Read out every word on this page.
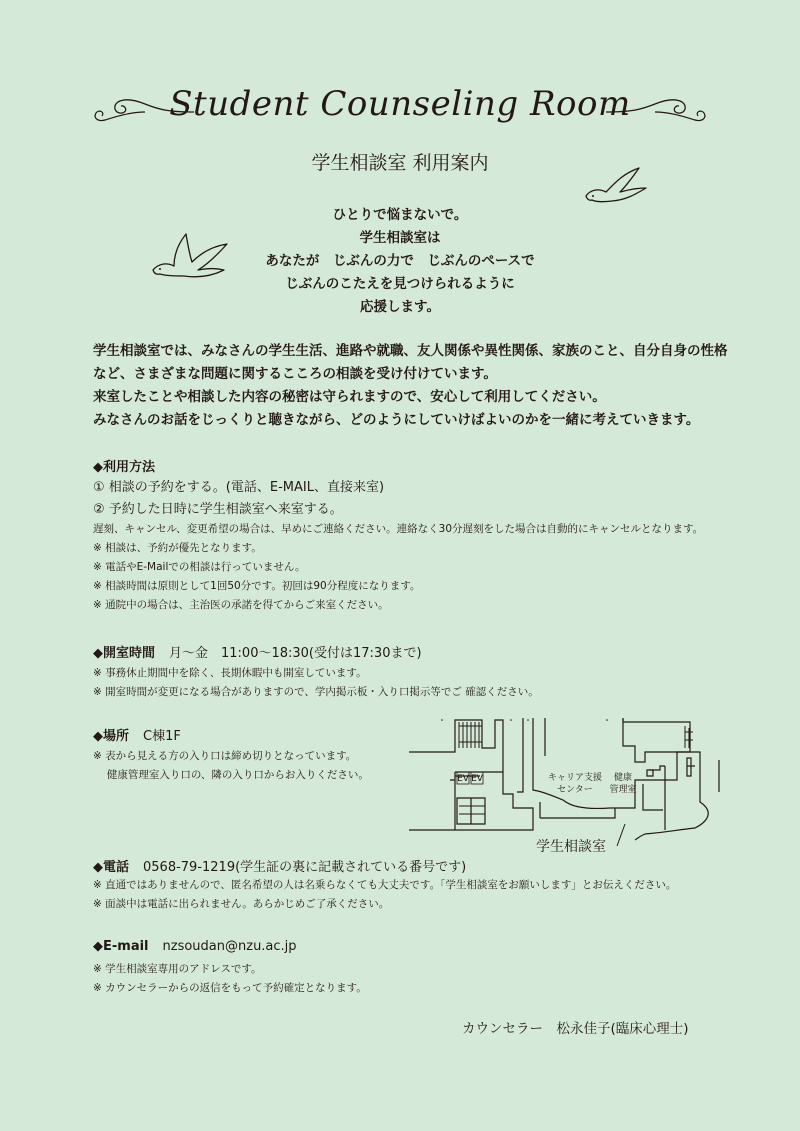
Student Counseling Room
学生相談室 利用案内
ひとりで悩まないで。
学生相談室は
あなたが　じぶんの力で　じぶんのペースで
じぶんのこたえを見つけられるように
応援します。
学生相談室では、みなさんの学生生活、進路や就職、友人関係や異性関係、家族のこと、自分自身の性格
など、さまざまな問題に関するこころの相談を受け付けています。
来室したことや相談した内容の秘密は守られますので、安心して利用してください。
みなさんのお話をじっくりと聴きながら、どのようにしていけばよいのかを一緒に考えていきます。
◆利用方法
① 相談の予約をする。(電話、E-MAIL、直接来室)
② 予約した日時に学生相談室へ来室する。
遅刻、キャンセル、変更希望の場合は、早めにご連絡ください。連絡なく30分遅刻をした場合は自動的にキャンセルとなります。
※ 相談は、予約が優先となります。
※ 電話やE-Mailでの相談は行っていません。
※ 相談時間は原則として1回50分です。初回は90分程度になります。
※ 通院中の場合は、主治医の承諾を得てからご来室ください。
◆開室時間 月～金　11:00～18:30(受付は17:30まで)
※ 事務休止期間中を除く、長期休暇中も開室しています。
※ 開室時間が変更になる場合がありますので、学内掲示板・入り口掲示等でご 確認ください。
◆場所 C棟1F
※ 表から見える方の入り口は締め切りとなっています。
　 健康管理室入り口の、隣の入り口からお入りください。	EV EV	キャリア支援
センター
健康
管理室
学生相談室
◆電話 0568-79-1219(学生証の裏に記載されている番号です)
※ 直通ではありませんので、匿名希望の人は名乗らなくても大丈夫です。「学生相談室をお願いします」とお伝えください。
※ 面談中は電話に出られません。あらかじめご了承ください。
◆E-mail nzsoudan@nzu.ac.jp
※ 学生相談室専用のアドレスです。
※ カウンセラーからの返信をもって予約確定となります。
カウンセラー　松永佳子(臨床心理士)
